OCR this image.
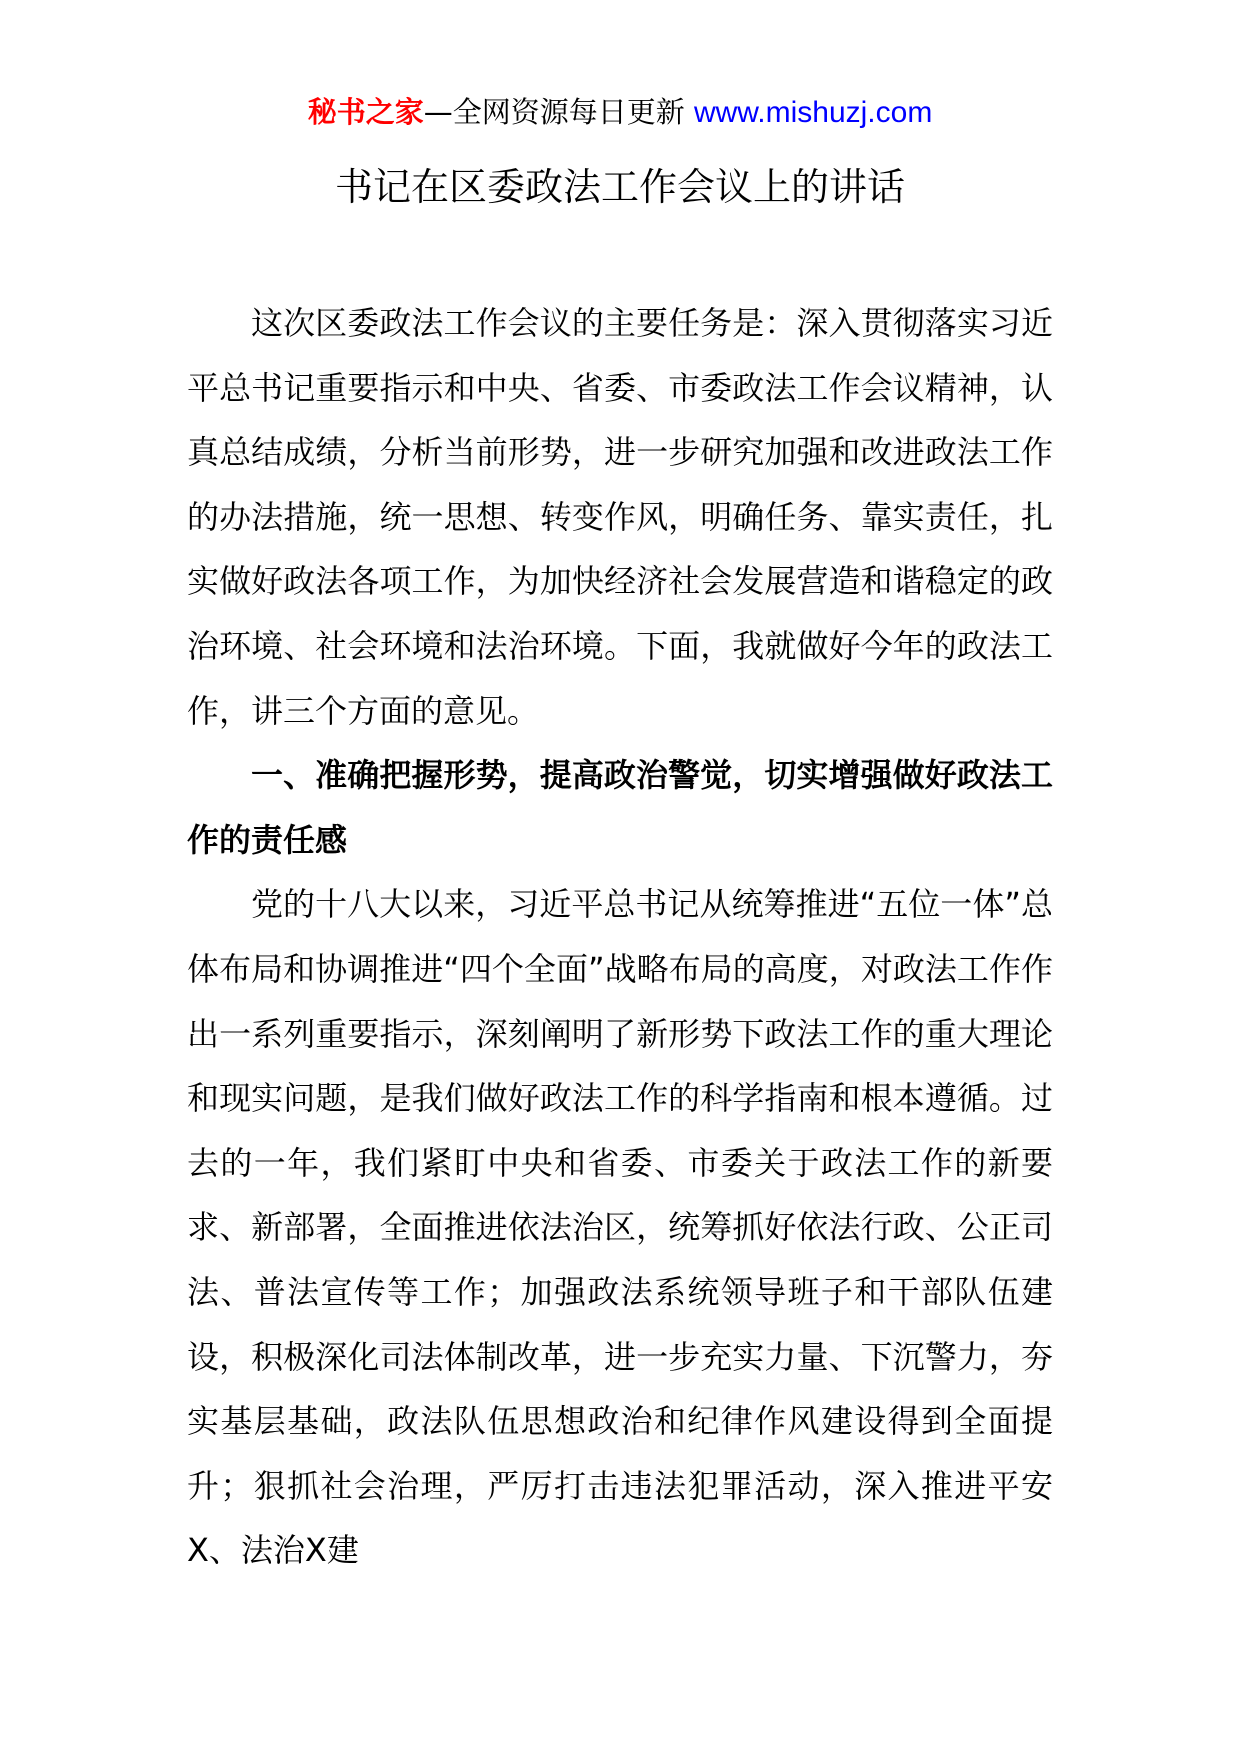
秘书之家—全网资源每日更新 www.mishuzj.com
书记在区委政法工作会议上的讲话

这次区委政法工作会议的主要任务是：深入贯彻落实习近平总书记重要指示和中央、省委、市委政法工作会议精神，认真总结成绩，分析当前形势，进一步研究加强和改进政法工作的办法措施，统一思想、转变作风，明确任务、靠实责任，扎实做好政法各项工作，为加快经济社会发展营造和谐稳定的政治环境、社会环境和法治环境。下面，我就做好今年的政法工作，讲三个方面的意见。

一、准确把握形势，提高政治警觉，切实增强做好政法工作的责任感

党的十八大以来，习近平总书记从统筹推进“五位一体”总体布局和协调推进“四个全面”战略布局的高度，对政法工作作出一系列重要指示，深刻阐明了新形势下政法工作的重大理论和现实问题，是我们做好政法工作的科学指南和根本遵循。过去的一年，我们紧盯中央和省委、市委关于政法工作的新要求、新部署，全面推进依法治区，统筹抓好依法行政、公正司法、普法宣传等工作；加强政法系统领导班子和干部队伍建设，积极深化司法体制改革，进一步充实力量、下沉警力，夯实基层基础，政法队伍思想政治和纪律作风建设得到全面提升；狠抓社会治理，严厉打击违法犯罪活动，深入推进平安X、法治X建
